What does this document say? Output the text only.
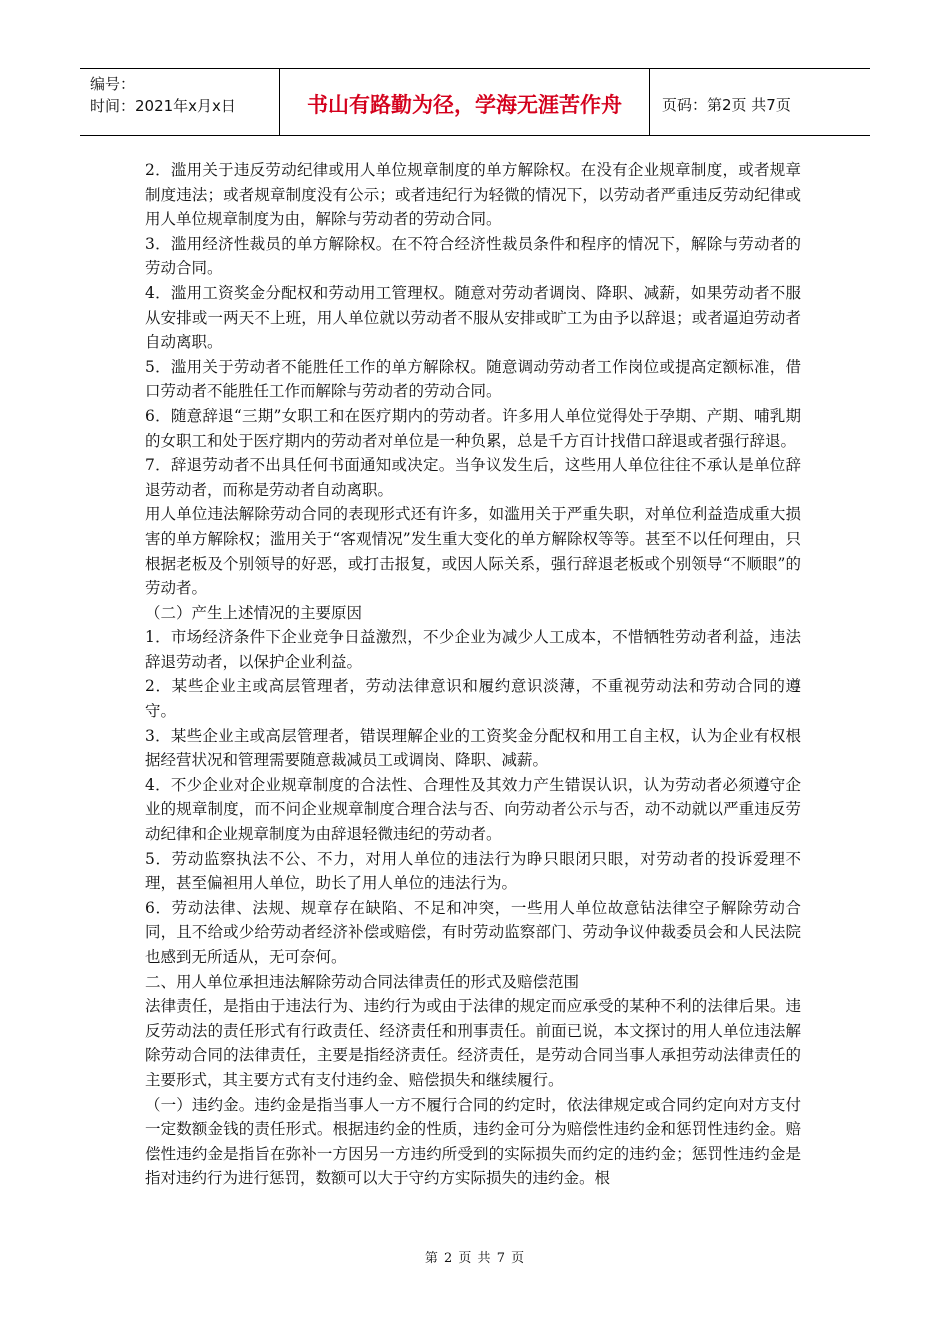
编号：
时间：2021年x月x日	书山有路勤为径，学海无涯苦作舟	页码：第2页 共7页

2．滥用关于违反劳动纪律或用人单位规章制度的单方解除权。在没有企业规章制度，或者规章制度违法；或者规章制度没有公示；或者违纪行为轻微的情况下，以劳动者严重违反劳动纪律或用人单位规章制度为由，解除与劳动者的劳动合同。

3．滥用经济性裁员的单方解除权。在不符合经济性裁员条件和程序的情况下，解除与劳动者的劳动合同。

4．滥用工资奖金分配权和劳动用工管理权。随意对劳动者调岗、降职、减薪，如果劳动者不服从安排或一两天不上班，用人单位就以劳动者不服从安排或旷工为由予以辞退；或者逼迫劳动者自动离职。

5．滥用关于劳动者不能胜任工作的单方解除权。随意调动劳动者工作岗位或提高定额标准，借口劳动者不能胜任工作而解除与劳动者的劳动合同。

6．随意辞退“三期”女职工和在医疗期内的劳动者。许多用人单位觉得处于孕期、产期、哺乳期的女职工和处于医疗期内的劳动者对单位是一种负累，总是千方百计找借口辞退或者强行辞退。

7．辞退劳动者不出具任何书面通知或决定。当争议发生后，这些用人单位往往不承认是单位辞退劳动者，而称是劳动者自动离职。

用人单位违法解除劳动合同的表现形式还有许多，如滥用关于严重失职，对单位利益造成重大损害的单方解除权；滥用关于“客观情况”发生重大变化的单方解除权等等。甚至不以任何理由，只根据老板及个别领导的好恶，或打击报复，或因人际关系，强行辞退老板或个别领导“不顺眼”的劳动者。

（二）产生上述情况的主要原因

1．市场经济条件下企业竞争日益激烈，不少企业为减少人工成本，不惜牺牲劳动者利益，违法辞退劳动者，以保护企业利益。

2．某些企业主或高层管理者，劳动法律意识和履约意识淡薄，不重视劳动法和劳动合同的遵守。

3．某些企业主或高层管理者，错误理解企业的工资奖金分配权和用工自主权，认为企业有权根据经营状况和管理需要随意裁减员工或调岗、降职、减薪。

4．不少企业对企业规章制度的合法性、合理性及其效力产生错误认识，认为劳动者必须遵守企业的规章制度，而不问企业规章制度合理合法与否、向劳动者公示与否，动不动就以严重违反劳动纪律和企业规章制度为由辞退轻微违纪的劳动者。

5．劳动监察执法不公、不力，对用人单位的违法行为睁只眼闭只眼，对劳动者的投诉爱理不理，甚至偏袒用人单位，助长了用人单位的违法行为。

6．劳动法律、法规、规章存在缺陷、不足和冲突，一些用人单位故意钻法律空子解除劳动合同，且不给或少给劳动者经济补偿或赔偿，有时劳动监察部门、劳动争议仲裁委员会和人民法院也感到无所适从，无可奈何。

二、用人单位承担违法解除劳动合同法律责任的形式及赔偿范围

法律责任，是指由于违法行为、违约行为或由于法律的规定而应承受的某种不利的法律后果。违反劳动法的责任形式有行政责任、经济责任和刑事责任。前面已说，本文探讨的用人单位违法解除劳动合同的法律责任，主要是指经济责任。经济责任，是劳动合同当事人承担劳动法律责任的主要形式，其主要方式有支付违约金、赔偿损失和继续履行。

（一）违约金。违约金是指当事人一方不履行合同的约定时，依法律规定或合同约定向对方支付一定数额金钱的责任形式。根据违约金的性质，违约金可分为赔偿性违约金和惩罚性违约金。赔偿性违约金是指旨在弥补一方因另一方违约所受到的实际损失而约定的违约金；惩罚性违约金是指对违约行为进行惩罚，数额可以大于守约方实际损失的违约金。根

第 2 页 共 7 页
